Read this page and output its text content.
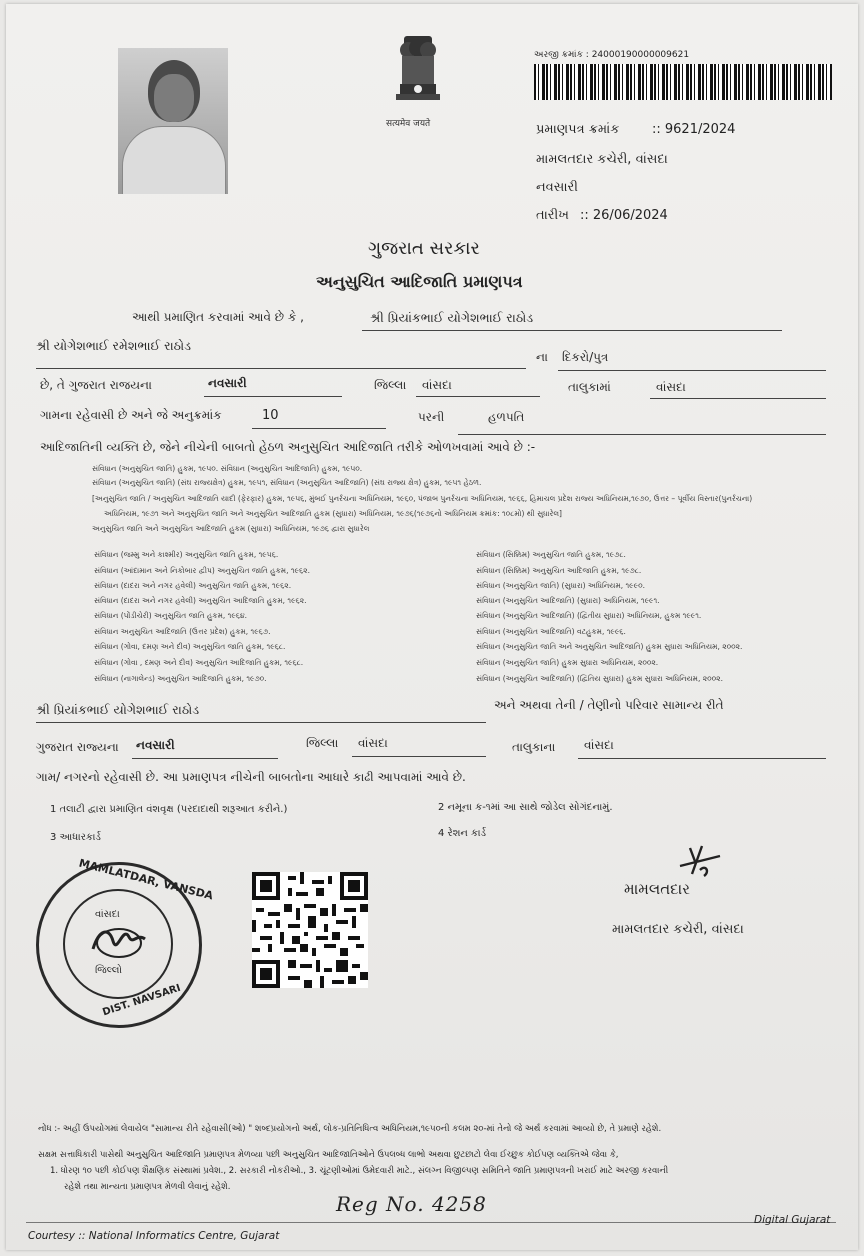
सत्यमेव जयते
અરજી ક્રમાંક : 24000190000009621
પ્રમાણપત્ર ક્રમાંક	:: 9621/2024
મામલતદાર કચેરી, વાંસદા
નવસારી
તારીખ :: 26/06/2024
ગુજરાત સરકાર
અનુસુચિત આદિજાતિ પ્રમાણપત્ર
આથી પ્રમાણિત કરવામાં આવે છે કે ,	શ્રી પ્રિયાંકભાઈ યોગેશભાઈ રાઠોડ
શ્રી યોગેશભાઈ રમેશભાઈ રાઠોડ
ના દિકરો/પુત્ર
છે, તે ગુજરાત રાજયના	નવસારી	જિલ્લા વાંસદા	તાલુકામાં	વાંસદા
ગામના રહેવાસી છે અને જે અનુક્રમાંક	10	પરની	હળપતિ
આદિજાતિની વ્યક્તિ છે, જેને નીચેની બાબતો હેઠળ અનુસુચિત આદિજાતિ તરીકે ઓળખવામાં આવે છે :-
સંવિધાન (અનુસુચિત જાતિ) હુકમ, ૧૯૫૦. સંવિધાન (અનુસુચિત આદિજાતિ) હુકમ, ૧૯૫૦.
સંવિધાન (અનુસુચિત જાતિ) (સંઘ રાજ્યક્ષેત્ર) હુકમ, ૧૯૫૧, સંવિધાન (અનુસુચિત આદિજાતિ) (સંઘ રાજ્ય ક્ષેત્ર) હુકમ, ૧૯૫૧ હેઠળ.
[અનુસુચિત જાતિ / અનુસુચિત આદિજાતિ યાદી (ફેરફાર) હુકમ, ૧૯૫૬, મુંબઈ પુનર્રચના અધિનિયમ, ૧૯૬૦, પંજાબ પુનર્રચના અધિનિયમ, ૧૯૬૬, હિમાચલ પ્રદેશ રાજ્ય અધિનિયમ,૧૯૭૦, ઉત્તર – પૂર્વીય વિસ્તાર(પુનર્રચના)
અધિનિયમ, ૧૯૭૧ અને અનુસુચિત જાતિ અને અનુસુચિત આદિજાતિ હુકમ (સુધારા) અધિનિયમ, ૧૯૭૬(૧૯૭૬નો અધિનિયમ ક્રમાંક: ૧૦૮મો) થી સુધારેલ]
અનુસુચિત જાતિ અને અનુસુચિત આદિજાતિ હુકમ (સુધારા) અધિનિયમ, ૧૯૭૬ દ્વારા સુધારેલ
સંવિધાન (જમ્મુ અને કાશ્મીર) અનુસુચિત જાતિ હુકમ, ૧૯૫૬.
સંવિધાન (આંદામાન અને નિકોબાર દ્વીપ) અનુસુચિત જાતિ હુકમ, ૧૯૬૨.
સંવિધાન (દાદરા અને નગર હવેલી) અનુસુચિત જાતિ હુકમ, ૧૯૬૨.
સંવિધાન (દાદરા અને નગર હવેલી) અનુસુચિત આદિજાતિ હુકમ, ૧૯૬૨.
સંવિધાન (પોંડીચેરી) અનુસુચિત જાતિ હુકમ, ૧૯૬૪.
સંવિધાન અનુસુચિત આદિજાતિ (ઉત્તર પ્રદેશ) હુકમ, ૧૯૬૭.
સંવિધાન (ગોવા, દમણ અને દીવ) અનુસુચિત જાતિ હુકમ, ૧૯૬૮.
સંવિધાન (ગોવા , દમણ અને દીવ) અનુસુચિત આદિજાતિ હુકમ, ૧૯૬૮.
સંવિધાન (નાગાલેન્ડ) અનુસુચિત આદિજાતિ હુકમ, ૧૯૭૦.
સંવિધાન (સિક્કિમ) અનુસુચિત જાતિ હુકમ, ૧૯૭૮.
સંવિધાન (સિક્કિમ) અનુસુચિત આદિજાતિ હુકમ, ૧૯૭૮.
સંવિધાન (અનુસુચિત જાતિ) (સુધારા) અધિનિયમ, ૧૯૯૦.
સંવિધાન (અનુસુચિત આદિજાતિ) (સુધારા) અધિનિયમ, ૧૯૯૧.
સંવિધાન (અનુસુચિત આદિજાતિ) (દ્વિતીય સુધારા) અધિનિયમ, હુકમ ૧૯૯૧.
સંવિધાન (અનુસુચિત આદિજાતિ) વટહુકમ, ૧૯૯૬.
સંવિધાન (અનુસુચિત જાતિ અને અનુસુચિત આદિજાતિ) હુકમ સુધારા અધિનિયમ, ૨૦૦૨.
સંવિધાન (અનુસુચિત જાતિ) હુકમ સુધારા અધિનિયમ, ૨૦૦૨.
સંવિધાન (અનુસુચિત આદિજાતિ) (દ્વિતિય સુધારા) હુકમ સુધારા અધિનિયમ, ૨૦૦૨.
શ્રી પ્રિયાંકભાઈ યોગેશભાઈ રાઠોડ	અને અથવા તેની / તેણીનો પરિવાર સામાન્ય રીતે
ગુજરાત રાજ્યના નવસારી	જિલ્લા વાંસદા	તાલુકાના વાંસદા
ગામ/ નગરનો રહેવાસી છે. આ પ્રમાણપત્ર નીચેની બાબતોના આધારે કાઢી આપવામાં આવે છે.
1 તલાટી દ્વારા પ્રમાણિત વંશવૃક્ષ (પરદાદાથી શરૂઆત કરીને.)	2 નમૂના ક-૧માં આ સાથે જોડેલ સોગંદનામું.
3 આધારકાર્ડ	4 રેશન કાર્ડ
MAMLATDAR, VANSDA
DIST. NAVSARI
વાંસદા
જિલ્લો
મામલતદાર
મામલતદાર કચેરી, વાંસદા
નોંધ :- અહીં ઉપયોગમાં લેવાયેલ "સામાન્ય રીતે રહેવાસી(ઓ) " શબ્દપ્રયોગનો અર્થ, લોક-પ્રતિનિધિત્વ અધિનિયમ,૧૯૫૦ની કલમ ૨૦-માં તેનો જે અર્થ કરવામાં આવ્યો છે, તે પ્રમાણે રહેશે.
સક્ષમ સત્તાધિકારી પાસેથી અનુસુચિત આદિજાતિ પ્રમાણપત્ર મેળવ્યા પછી અનુસુચિત આદિજાતિઓને ઉપલબ્ધ લાભો અથવા છુટછાટો લેવા ઈચ્છુક કોઈપણ વ્યક્તિએ જેવા કે,
1. ધોરણ ૧૦ પછી કોઈપણ શૈક્ષણિક સંસ્થામાં પ્રવેશ., 2. સરકારી નોકરીઓ., 3. ચૂંટણીઓમાં ઉમેદવારી માટે., સંલગ્ન વિજીલ્પણ સમિતિને જાતિ પ્રમાણપત્રની ખરાઈ માટે અરજી કરવાની
રહેશે તથા માન્યતા પ્રમાણપત્ર મેળવી લેવાનું રહેશે.
Reg No. 4258
Courtesy :: National Informatics Centre, Gujarat
Digital Gujarat
